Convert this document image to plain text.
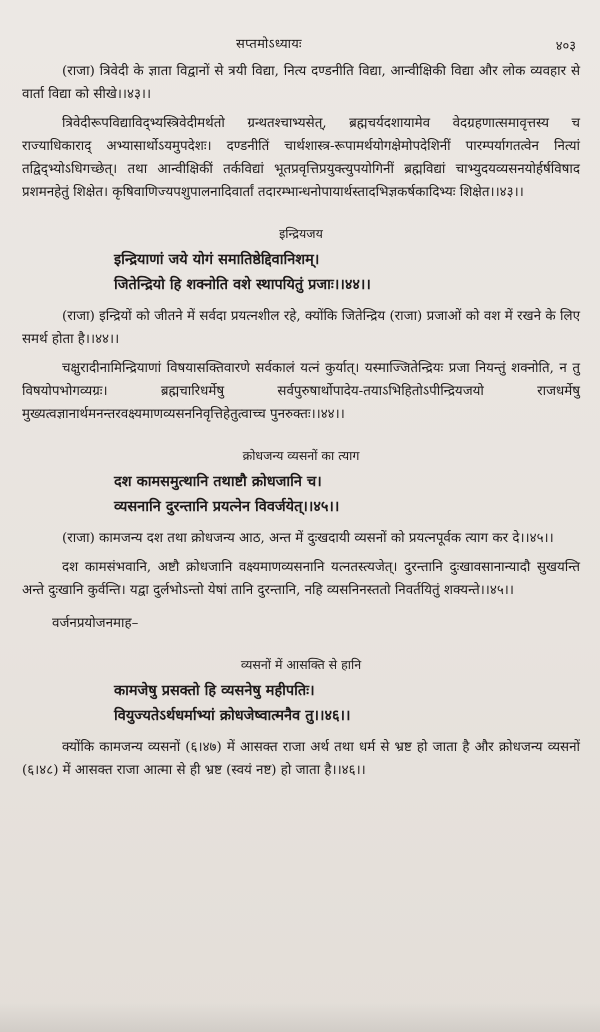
सप्तमोऽध्यायः	४०३

(राजा) त्रिवेदी के ज्ञाता विद्वानों से त्रयी विद्या, नित्य दण्डनीति विद्या, आन्वीक्षिकी विद्या और लोक व्यवहार से वार्ता विद्या को सीखे।।४३।।

त्रिवेदीरूपविद्याविद्भ्यस्त्रिवेदीमर्थतो ग्रन्थतश्चाभ्यसेत्, ब्रह्मचर्यदशायामेव वेदग्रहणात्समावृत्तस्य च राज्याधिकाराद् अभ्यासार्थोऽयमुपदेशः। दण्डनीतिं चार्थशास्त्र-रूपामर्थयोगक्षेमोपदेशिनीं पारम्पर्यागतत्वेन नित्यां तद्विद्भ्योऽधिगच्छेत्। तथा आन्वीक्षिकीं तर्कविद्यां भूतप्रवृत्तिप्रयुक्त्युपयोगिनीं ब्रह्मविद्यां चाभ्युदयव्यसनयोर्हर्षविषाद प्रशमनहेतुं शिक्षेत। कृषिवाणिज्यपशुपालनादिवार्तां तदारम्भान्धनोपायार्थस्तादभिज्ञकर्षकादिभ्यः शिक्षेत।।४३।।

इन्द्रियजय
इन्द्रियाणां जये योगं समातिष्ठेद्दिवानिशम्।
जितेन्द्रियो हि शक्नोति वशे स्थापयितुं प्रजाः।।४४।।

(राजा) इन्द्रियों को जीतने में सर्वदा प्रयत्नशील रहे, क्योंकि जितेन्द्रिय (राजा) प्रजाओं को वश में रखने के लिए समर्थ होता है।।४४।।

चक्षुरादीनामिन्द्रियाणां विषयासक्तिवारणे सर्वकालं यत्नं कुर्यात्। यस्माज्जितेन्द्रियः प्रजा नियन्तुं शक्नोति, न तु विषयोपभोगव्यग्रः। ब्रह्मचारिधर्मेषु सर्वपुरुषार्थोपादेय-तयाऽभिहितोऽपीन्द्रियजयो राजधर्मेषु मुख्यत्वज्ञानार्थमनन्तरवक्ष्यमाणव्यसननिवृत्तिहेतुत्वाच्च पुनरुक्तः।।४४।।

क्रोधजन्य व्यसनों का त्याग
दश कामसमुत्थानि तथाष्टौ क्रोधजानि च।
व्यसनानि दुरन्तानि प्रयत्नेन विवर्जयेत्।।४५।।

(राजा) कामजन्य दश तथा क्रोधजन्य आठ, अन्त में दुःखदायी व्यसनों को प्रयत्नपूर्वक त्याग कर दे।।४५।।

दश कामसंभवानि, अष्टौ क्रोधजानि वक्ष्यमाणव्यसनानि यत्नतस्त्यजेत्। दुरन्तानि दुःखावसानान्यादौ सुखयन्ति अन्ते दुःखानि कुर्वन्ति। यद्वा दुर्लभोऽन्तो येषां तानि दुरन्तानि, नहि व्यसनिनस्ततो निवर्तयितुं शक्यन्ते।।४५।।

वर्जनप्रयोजनमाह–
व्यसनों में आसक्ति से हानि
कामजेषु प्रसक्तो हि व्यसनेषु महीपतिः।
वियुज्यतेऽर्थधर्माभ्यां क्रोधजेष्वात्मनैव तु।।४६।।

क्योंकि कामजन्य व्यसनों (६।४७) में आसक्त राजा अर्थ तथा धर्म से भ्रष्ट हो जाता है और क्रोधजन्य व्यसनों (६।४८) में आसक्त राजा आत्मा से ही भ्रष्ट (स्वयं नष्ट) हो जाता है।।४६।।
